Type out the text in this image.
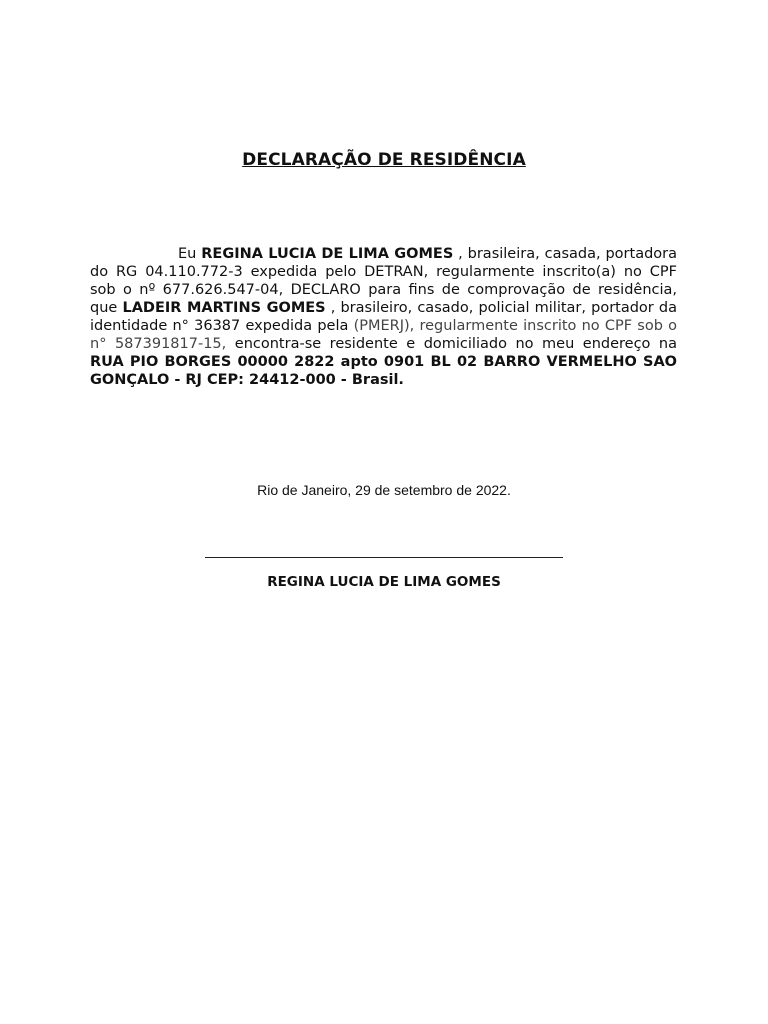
DECLARAÇÃO DE RESIDÊNCIA
Eu REGINA LUCIA DE LIMA GOMES , brasileira, casada, portadora do RG 04.110.772-3 expedida pelo DETRAN, regularmente inscrito(a) no CPF sob o nº 677.626.547-04, DECLARO para fins de comprovação de residência, que LADEIR MARTINS GOMES , brasileiro, casado, policial militar, portador da identidade n° 36387 expedida pela (PMERJ), regularmente inscrito no CPF sob o n° 587391817-15, encontra-se residente e domiciliado no meu endereço na RUA PIO BORGES 00000 2822 apto 0901 BL 02 BARRO VERMELHO SAO GONÇALO - RJ CEP: 24412-000 - Brasil.
Rio de Janeiro, 29 de setembro de 2022.
REGINA LUCIA DE LIMA GOMES
